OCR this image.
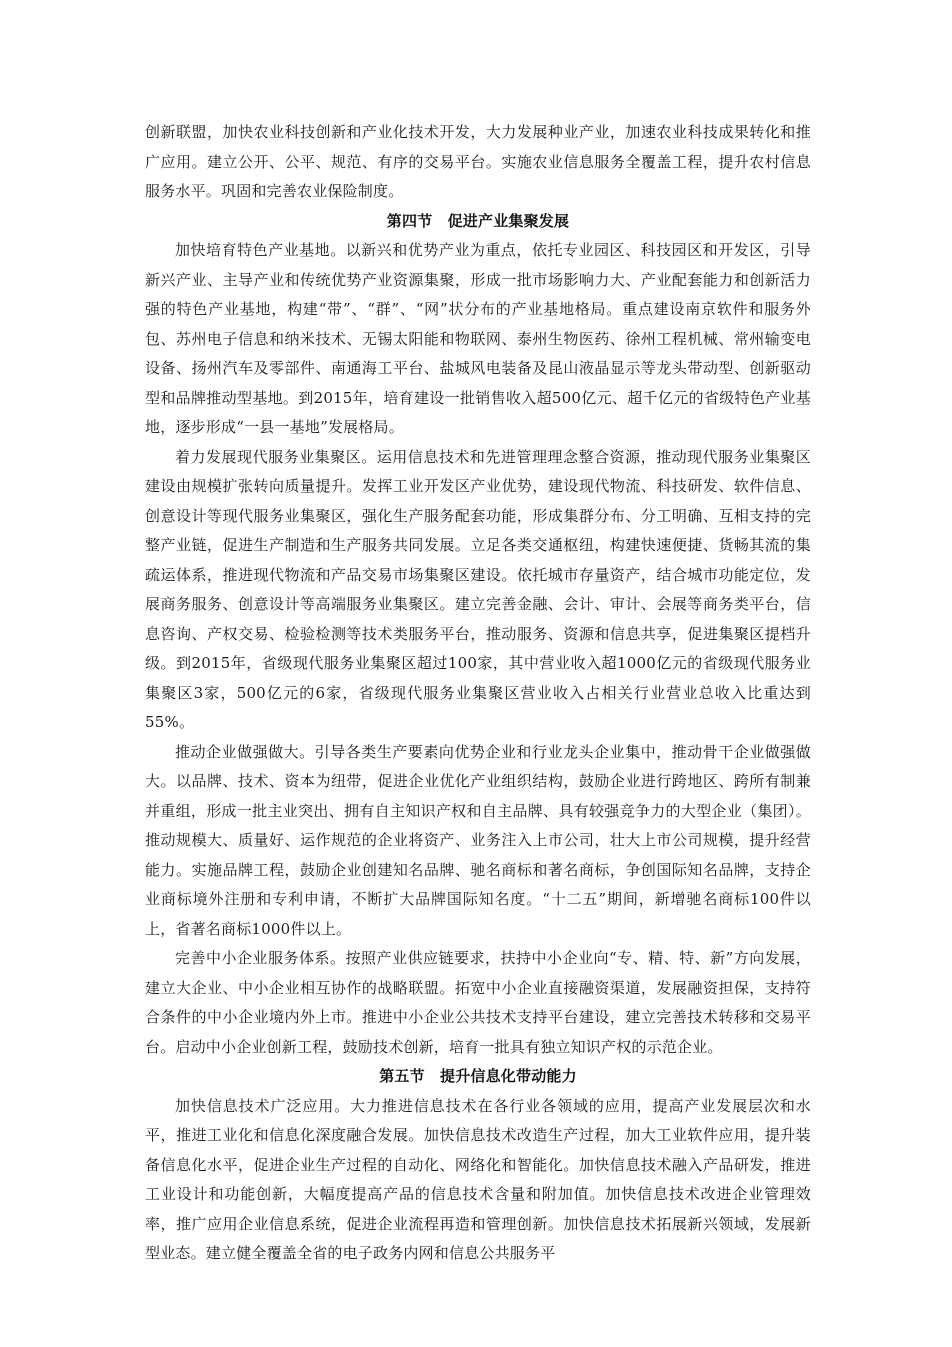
创新联盟，加快农业科技创新和产业化技术开发，大力发展种业产业，加速农业科技成果转化和推广应用。建立公开、公平、规范、有序的交易平台。实施农业信息服务全覆盖工程，提升农村信息服务水平。巩固和完善农业保险制度。

第四节　促进产业集聚发展

加快培育特色产业基地。以新兴和优势产业为重点，依托专业园区、科技园区和开发区，引导新兴产业、主导产业和传统优势产业资源集聚，形成一批市场影响力大、产业配套能力和创新活力强的特色产业基地，构建“带”、“群”、“网”状分布的产业基地格局。重点建设南京软件和服务外包、苏州电子信息和纳米技术、无锡太阳能和物联网、泰州生物医药、徐州工程机械、常州输变电设备、扬州汽车及零部件、南通海工平台、盐城风电装备及昆山液晶显示等龙头带动型、创新驱动型和品牌推动型基地。到2015年，培育建设一批销售收入超500亿元、超千亿元的省级特色产业基地，逐步形成“一县一基地”发展格局。

着力发展现代服务业集聚区。运用信息技术和先进管理理念整合资源，推动现代服务业集聚区建设由规模扩张转向质量提升。发挥工业开发区产业优势，建设现代物流、科技研发、软件信息、创意设计等现代服务业集聚区，强化生产服务配套功能，形成集群分布、分工明确、互相支持的完整产业链，促进生产制造和生产服务共同发展。立足各类交通枢纽，构建快速便捷、货畅其流的集疏运体系，推进现代物流和产品交易市场集聚区建设。依托城市存量资产，结合城市功能定位，发展商务服务、创意设计等高端服务业集聚区。建立完善金融、会计、审计、会展等商务类平台，信息咨询、产权交易、检验检测等技术类服务平台，推动服务、资源和信息共享，促进集聚区提档升级。到2015年，省级现代服务业集聚区超过100家，其中营业收入超1000亿元的省级现代服务业集聚区3家，500亿元的6家，省级现代服务业集聚区营业收入占相关行业营业总收入比重达到55%。

推动企业做强做大。引导各类生产要素向优势企业和行业龙头企业集中，推动骨干企业做强做大。以品牌、技术、资本为纽带，促进企业优化产业组织结构，鼓励企业进行跨地区、跨所有制兼并重组，形成一批主业突出、拥有自主知识产权和自主品牌、具有较强竞争力的大型企业（集团）。推动规模大、质量好、运作规范的企业将资产、业务注入上市公司，壮大上市公司规模，提升经营能力。实施品牌工程，鼓励企业创建知名品牌、驰名商标和著名商标，争创国际知名品牌，支持企业商标境外注册和专利申请，不断扩大品牌国际知名度。“十二五”期间，新增驰名商标100件以上，省著名商标1000件以上。

完善中小企业服务体系。按照产业供应链要求，扶持中小企业向“专、精、特、新”方向发展，建立大企业、中小企业相互协作的战略联盟。拓宽中小企业直接融资渠道，发展融资担保，支持符合条件的中小企业境内外上市。推进中小企业公共技术支持平台建设，建立完善技术转移和交易平台。启动中小企业创新工程，鼓励技术创新，培育一批具有独立知识产权的示范企业。

第五节　提升信息化带动能力

加快信息技术广泛应用。大力推进信息技术在各行业各领域的应用，提高产业发展层次和水平，推进工业化和信息化深度融合发展。加快信息技术改造生产过程，加大工业软件应用，提升装备信息化水平，促进企业生产过程的自动化、网络化和智能化。加快信息技术融入产品研发，推进工业设计和功能创新，大幅度提高产品的信息技术含量和附加值。加快信息技术改进企业管理效率，推广应用企业信息系统，促进企业流程再造和管理创新。加快信息技术拓展新兴领域，发展新型业态。建立健全覆盖全省的电子政务内网和信息公共服务平
